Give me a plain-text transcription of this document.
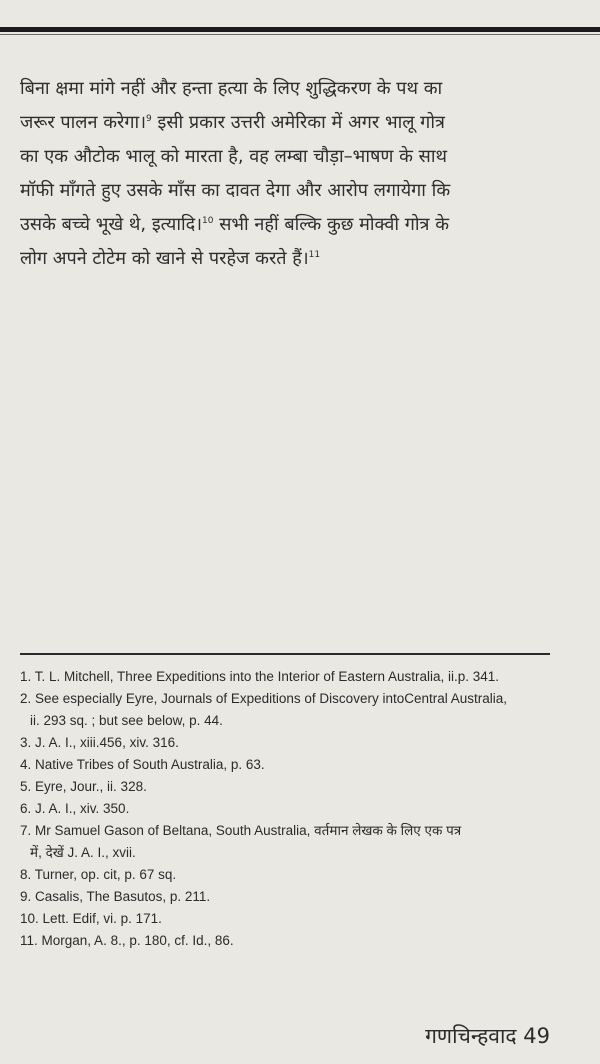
बिना क्षमा मांगे नहीं और हन्ता हत्या के लिए शुद्धिकरण के पथ का
जरूर पालन करेगा।$^9$ इसी प्रकार उत्तरी अमेरिका में अगर भालू गोत्र
का एक औटोक भालू को मारता है, वह लम्बा चौड़ा–भाषण के साथ
मॉफी माँगते हुए उसके माँस का दावत देगा और आरोप लगायेगा कि
उसके बच्चे भूखे थे, इत्यादि।$^{10}$ सभी नहीं बल्कि कुछ मोक्वी गोत्र के
लोग अपने टोटेम को खाने से परहेज करते हैं।$^{11}$
1. T. L. Mitchell, Three Expeditions into the Interior of Eastern Australia, ii.p. 341.
2. See especially Eyre, Journals of Expeditions of Discovery intoCentral Australia,
ii. 293 sq. ; but see below, p. 44.
3. J. A. I., xiii.456, xiv. 316.
4. Native Tribes of South Australia, p. 63.
5. Eyre, Jour., ii. 328.
6. J. A. I., xiv. 350.
7. Mr Samuel Gason of Beltana, South Australia, वर्तमान लेखक के लिए एक पत्र
में, देखें J. A. I., xvii.
8. Turner, op. cit, p. 67 sq.
9. Casalis, The Basutos, p. 211.
10. Lett. Edif, vi. p. 171.
11. Morgan, A. 8., p. 180, cf. Id., 86.
गणचिन्हवाद 49
